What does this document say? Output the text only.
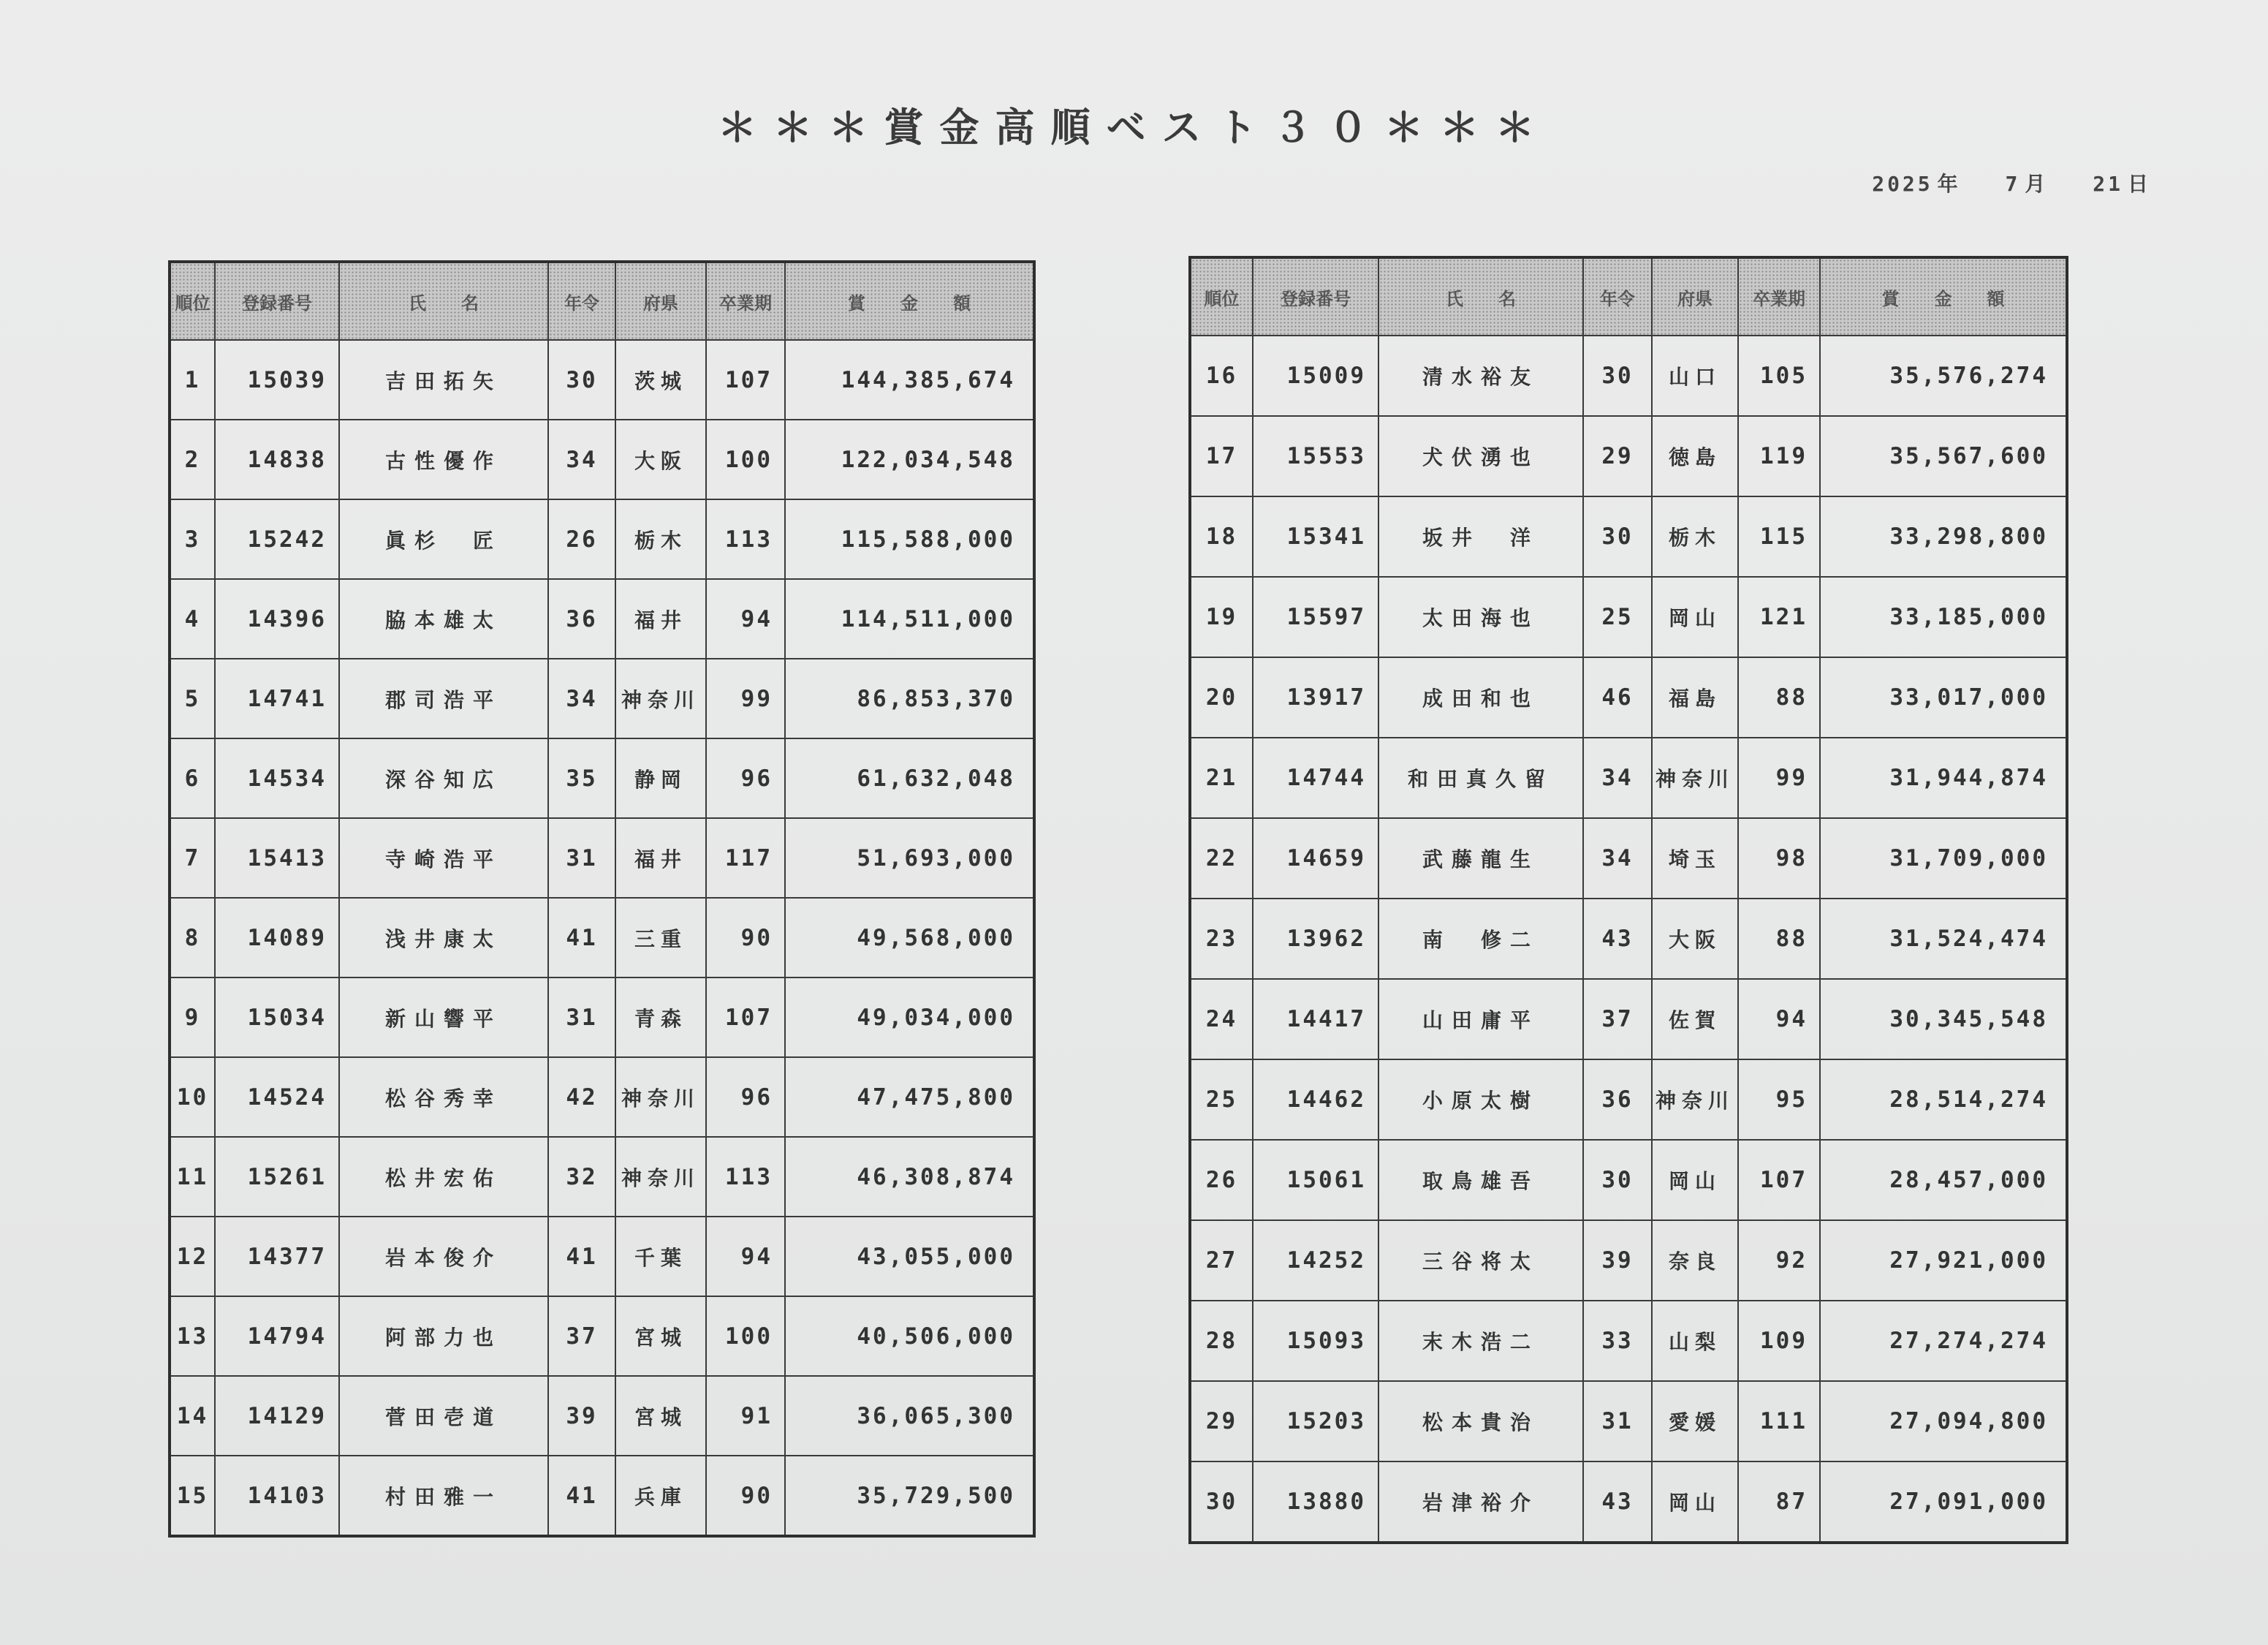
＊＊＊賞金高順ベスト３０＊＊＊
2025 年 7 月 21 日
順位	登録番号	氏　　名	年令	府県	卒業期	賞　　金　　額
1	15039	吉田拓矢	30	茨城	107	144,385,674
2	14838	古性優作	34	大阪	100	122,034,548
3	15242	眞杉　匠	26	栃木	113	115,588,000
4	14396	脇本雄太	36	福井	94	114,511,000
5	14741	郡司浩平	34	神奈川	99	86,853,370
6	14534	深谷知広	35	静岡	96	61,632,048
7	15413	寺崎浩平	31	福井	117	51,693,000
8	14089	浅井康太	41	三重	90	49,568,000
9	15034	新山響平	31	青森	107	49,034,000
10	14524	松谷秀幸	42	神奈川	96	47,475,800
11	15261	松井宏佑	32	神奈川	113	46,308,874
12	14377	岩本俊介	41	千葉	94	43,055,000
13	14794	阿部力也	37	宮城	100	40,506,000
14	14129	菅田壱道	39	宮城	91	36,065,300
15	14103	村田雅一	41	兵庫	90	35,729,500
順位	登録番号	氏　　名	年令	府県	卒業期	賞　　金　　額
16	15009	清水裕友	30	山口	105	35,576,274
17	15553	犬伏湧也	29	徳島	119	35,567,600
18	15341	坂井　洋	30	栃木	115	33,298,800
19	15597	太田海也	25	岡山	121	33,185,000
20	13917	成田和也	46	福島	88	33,017,000
21	14744	和田真久留	34	神奈川	99	31,944,874
22	14659	武藤龍生	34	埼玉	98	31,709,000
23	13962	南　修二	43	大阪	88	31,524,474
24	14417	山田庸平	37	佐賀	94	30,345,548
25	14462	小原太樹	36	神奈川	95	28,514,274
26	15061	取鳥雄吾	30	岡山	107	28,457,000
27	14252	三谷将太	39	奈良	92	27,921,000
28	15093	末木浩二	33	山梨	109	27,274,274
29	15203	松本貴治	31	愛媛	111	27,094,800
30	13880	岩津裕介	43	岡山	87	27,091,000
